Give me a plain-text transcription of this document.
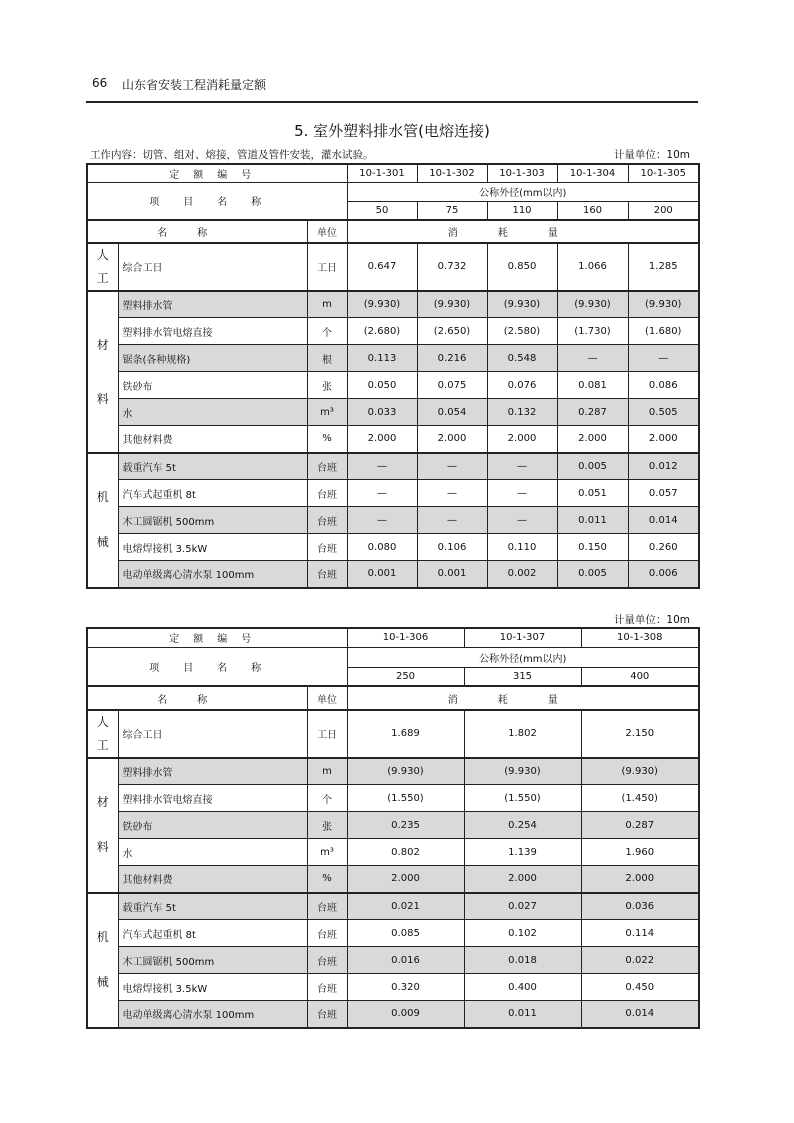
66 山东省安装工程消耗量定额
5. 室外塑料排水管(电熔连接)
工作内容：切管、组对、熔接，管道及管件安装，灌水试验。	计量单位：10m
定额编号			10-1-301	10-1-302	10-1-303	10-1-304	10-1-305
项目名称			公称外径(mm以内)				
			50	75	110	160	200
名称		单位	消耗量				
人工	综合工日	工日	0.647	0.732	0.850	1.066	1.285
材料	塑料排水管	m	(9.930)	(9.930)	(9.930)	(9.930)	(9.930)
	塑料排水管电熔直接	个	(2.680)	(2.650)	(2.580)	(1.730)	(1.680)
	锯条(各种规格)	根	0.113	0.216	0.548	—	—
	铁砂布	张	0.050	0.075	0.076	0.081	0.086
	水	m³	0.033	0.054	0.132	0.287	0.505
	其他材料费	%	2.000	2.000	2.000	2.000	2.000
机械	载重汽车 5t	台班	—	—	—	0.005	0.012
	汽车式起重机 8t	台班	—	—	—	0.051	0.057
	木工圆锯机 500mm	台班	—	—	—	0.011	0.014
	电熔焊接机 3.5kW	台班	0.080	0.106	0.110	0.150	0.260
	电动单级离心清水泵 100mm	台班	0.001	0.001	0.002	0.005	0.006
计量单位：10m
定额编号			10-1-306	10-1-307	10-1-308
项目名称			公称外径(mm以内)		
			250	315	400
名称		单位	消耗量		
人工	综合工日	工日	1.689	1.802	2.150
材料	塑料排水管	m	(9.930)	(9.930)	(9.930)
	塑料排水管电熔直接	个	(1.550)	(1.550)	(1.450)
	铁砂布	张	0.235	0.254	0.287
	水	m³	0.802	1.139	1.960
	其他材料费	%	2.000	2.000	2.000
机械	载重汽车 5t	台班	0.021	0.027	0.036
	汽车式起重机 8t	台班	0.085	0.102	0.114
	木工圆锯机 500mm	台班	0.016	0.018	0.022
	电熔焊接机 3.5kW	台班	0.320	0.400	0.450
	电动单级离心清水泵 100mm	台班	0.009	0.011	0.014
